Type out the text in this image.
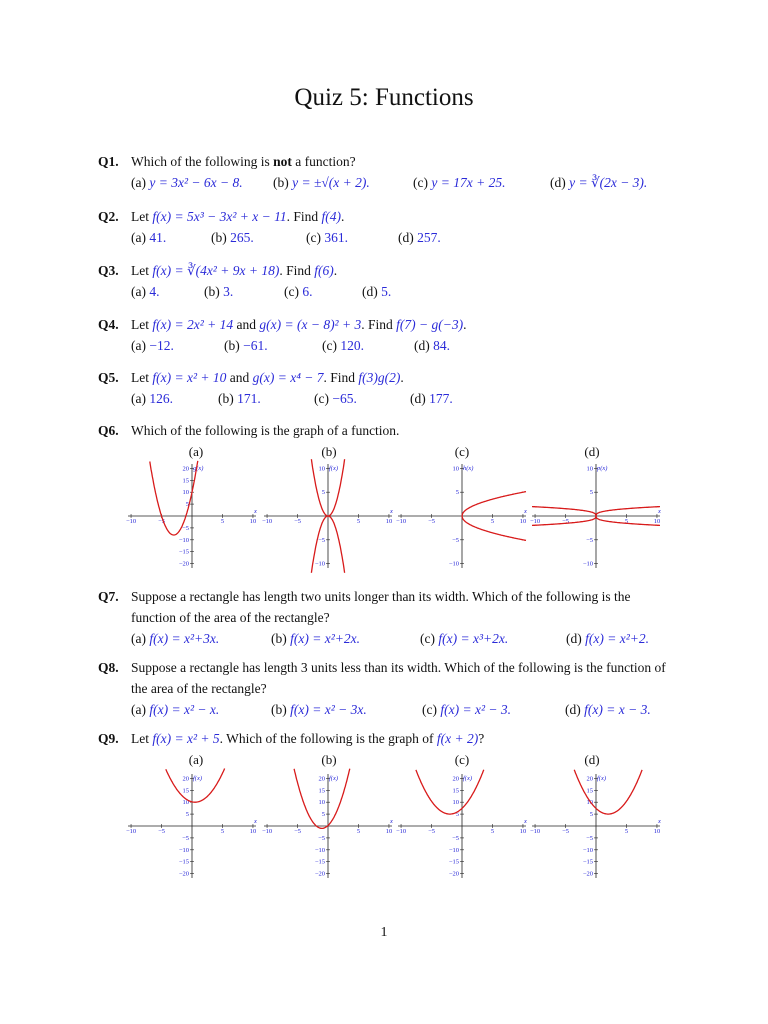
Quiz 5: Functions
Q1. Which of the following is not a function?
(a) y = 3x² − 6x − 8. (b) y = ±√(x + 2).	(c) y = 17x + 25.	(d) y = ∛(2x − 3).
Q2. Let f(x) = 5x³ − 3x² + x − 11. Find f(4).
(a) 41.	(b) 265.	(c) 361.	(d) 257.
Q3. Let f(x) = ∛(4x² + 9x + 18). Find f(6).
(a) 4.	(b) 3.	(c) 6.	(d) 5.
Q4. Let f(x) = 2x² + 14 and g(x) = (x − 8)² + 3. Find f(7) − g(−3).
(a) −12.	(b) −61.	(c) 120.	(d) 84.
Q5. Let f(x) = x² + 10 and g(x) = x⁴ − 7. Find f(3)g(2).
(a) 126.	(b) 171.	(c) −65.	(d) 177.
Q6. Which of the following is the graph of a function.
(a)	(b)	(c)	(d)
−10	−5	5	10
x
20
15
10
5
−5
−10
−15
−20
g(x)
−10	−5	5	10
x
10
5
−5
−10
f(x)
−10	−5	5	10
x
10
5
−5
−10
h(x)
−10	−5	5	10
x
10
5
−5
−10
p(x)
Q7. Suppose a rectangle has length two units longer than its width. Which of the following is the function of the area of the rectangle?
(a) f(x) = x²+3x.	(b) f(x) = x²+2x.	(c) f(x) = x³+2x.	(d) f(x) = x²+2.
Q8. Suppose a rectangle has length 3 units less than its width. Which of the following is the function of the area of the rectangle?
(a) f(x) = x² − x.	(b) f(x) = x² − 3x.	(c) f(x) = x² − 3.	(d) f(x) = x − 3.
Q9. Let f(x) = x² + 5. Which of the following is the graph of f(x + 2)?
(a)	(b)	(c)	(d)
−10	−5	5	10
x
20
15
10
5
−5
−10
−15
−20
f(x)
−10	−5	5	10
x
20
15
10
5
−5
−10
−15
−20
f(x)
−10	−5	5	10
x
20
15
10
5
−5
−10
−15
−20
f(x)
−10	−5	5	10
x
20
15
10
5
−5
−10
−15
−20
f(x)
1
